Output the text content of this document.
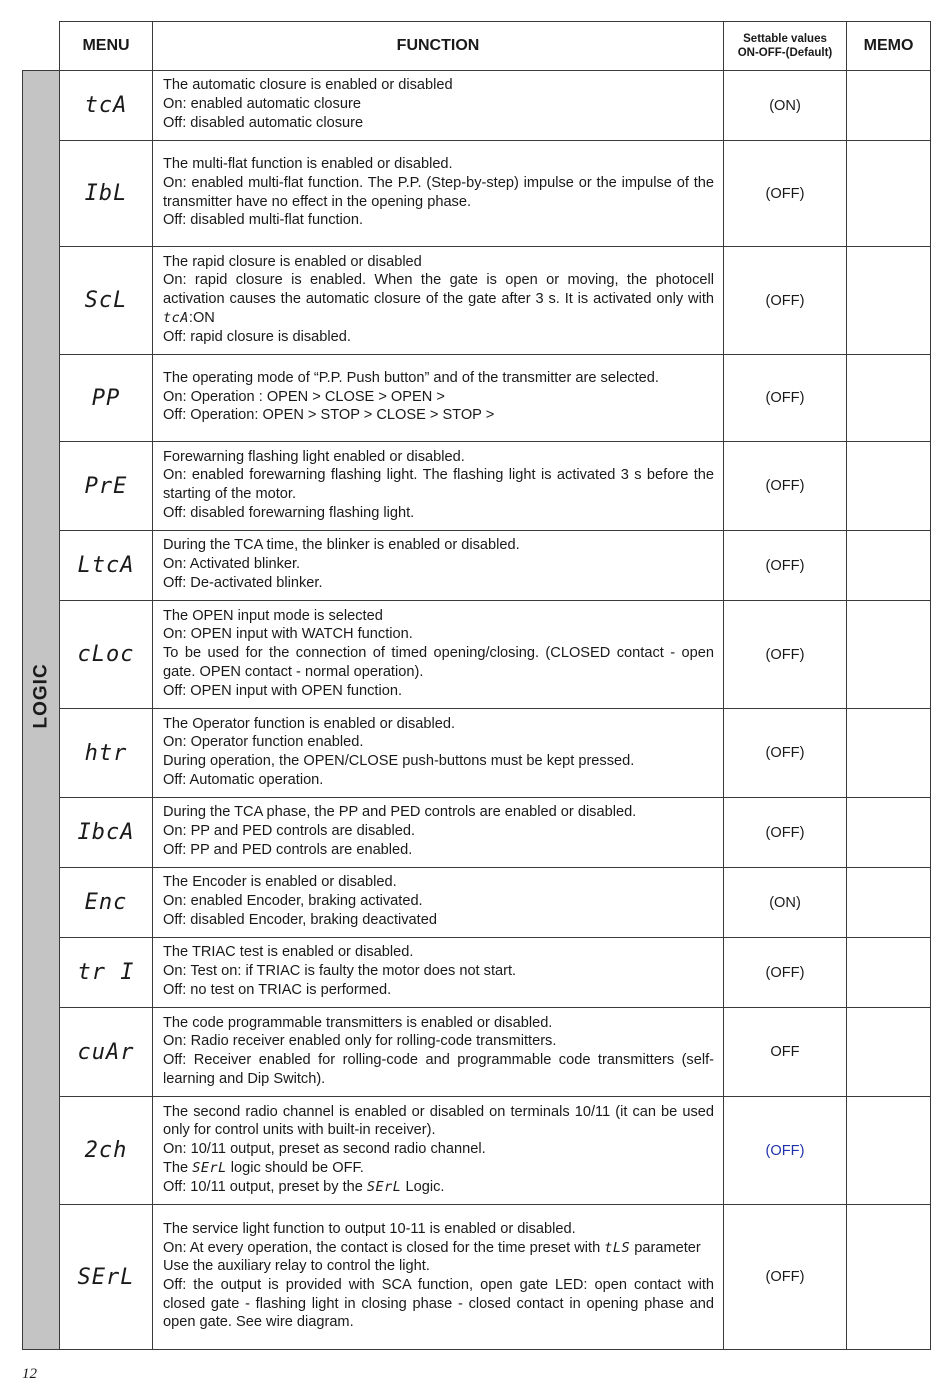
	MENU	FUNCTION	Settable values
ON-OFF-(Default)	MEMO

LOGIC	tcA	The automatic closure is enabled or disabled
On: enabled automatic closure
Off: disabled automatic closure	(ON)	
	IbL	The multi-flat function is enabled or disabled.
On: enabled multi-flat function. The P.P. (Step-by-step) impulse or the impulse of the transmitter have no effect in the opening phase.
Off: disabled multi-flat function.	(OFF)	
	ScL	The rapid closure is enabled or disabled
On: rapid closure is enabled. When the gate is open or moving, the photocell activation causes the automatic closure of the gate after 3 s. It is activated only with tcA:ON
Off: rapid closure is disabled.	(OFF)	
	PP	The operating mode of “P.P. Push button” and of the transmitter are selected.
On: Operation : OPEN > CLOSE > OPEN >
Off: Operation: OPEN > STOP > CLOSE > STOP >	(OFF)	
	PrE	Forewarning flashing light enabled or disabled.
On: enabled forewarning flashing light. The flashing light is activated 3 s before the starting of the motor.
Off: disabled forewarning flashing light.	(OFF)	
	LtcA	During the TCA time, the blinker is enabled or disabled.
On: Activated blinker.
Off: De-activated blinker.	(OFF)	
	cLoc	The OPEN input mode is selected
On: OPEN input with WATCH function.
To be used for the connection of timed opening/closing. (CLOSED contact - open gate. OPEN contact - normal operation).
Off: OPEN input with OPEN function.	(OFF)	
	htr	The Operator function is enabled or disabled.
On: Operator function enabled.
During operation, the OPEN/CLOSE push-buttons must be kept pressed.
Off: Automatic operation.	(OFF)	
	IbcA	During the TCA phase, the PP and PED controls are enabled or disabled.
On: PP and PED controls are disabled.
Off: PP and PED controls are enabled.	(OFF)	
	Enc	The Encoder is enabled or disabled.
On: enabled Encoder, braking activated.
Off: disabled Encoder, braking deactivated	(ON)	
	tr I	The TRIAC test is enabled or disabled.
On: Test on: if TRIAC is faulty the motor does not start.
Off: no test on TRIAC is performed.	(OFF)	
	cuAr	The code programmable transmitters is enabled or disabled.
On: Radio receiver enabled only for rolling-code transmitters.
Off: Receiver enabled for rolling-code and programmable code transmitters (self-learning and Dip Switch).	OFF	
	2ch	The second radio channel is enabled or disabled on terminals 10/11 (it can be used only for control units with built-in receiver).
On: 10/11 output, preset as second radio channel.
The SErL logic should be OFF.
Off: 10/11 output, preset by the SErL Logic.	(OFF)	
	SErL	The service light function to output 10-11 is enabled or disabled.
On: At every operation, the contact is closed for the time preset with tLS parameter
Use the auxiliary relay to control the light.
Off: the output is provided with SCA function, open gate LED: open contact with closed gate - flashing light in closing phase - closed contact in opening phase and open gate. See wire diagram.	(OFF)	
12
